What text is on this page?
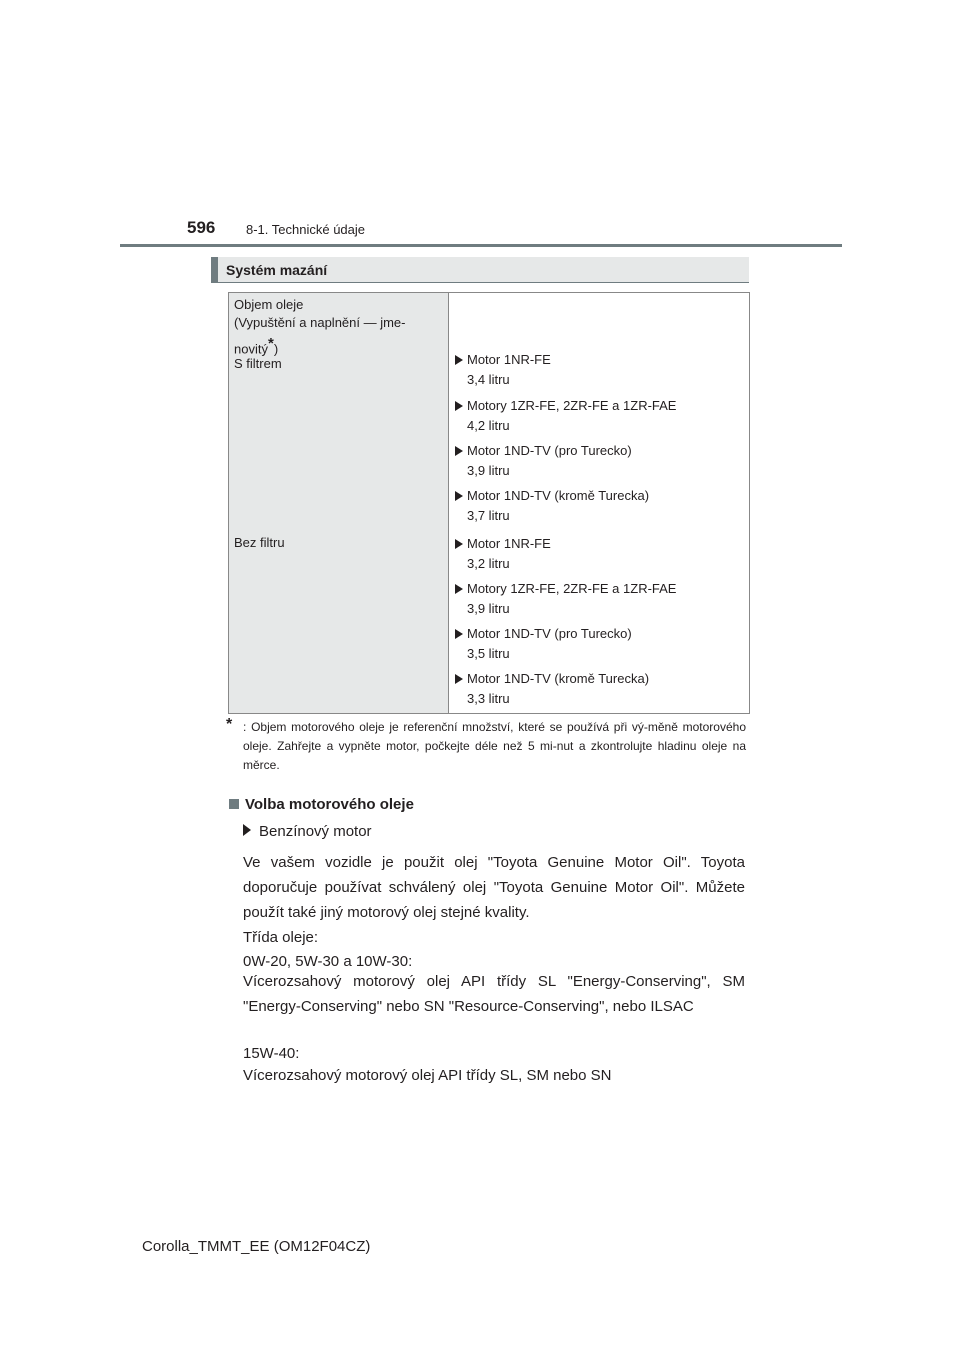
596 8-1. Technické údaje
Systém mazání
Objem oleje
(Vypuštění a naplnění — jme-
novitý*)
S filtrem
Bez filtru
Motor 1NR-FE
3,4 litru
Motory 1ZR-FE, 2ZR-FE a 1ZR-FAE
4,2 litru
Motor 1ND-TV (pro Turecko)
3,9 litru
Motor 1ND-TV (kromě Turecka)
3,7 litru
Motor 1NR-FE
3,2 litru
Motory 1ZR-FE, 2ZR-FE a 1ZR-FAE
3,9 litru
Motor 1ND-TV (pro Turecko)
3,5 litru
Motor 1ND-TV (kromě Turecka)
3,3 litru
* : Objem motorového oleje je referenční množství, které se používá při vý-měně motorového oleje. Zahřejte a vypněte motor, počkejte déle než 5 mi-nut a zkontrolujte hladinu oleje na měrce.
Volba motorového oleje
Benzínový motor
Ve vašem vozidle je použit olej "Toyota Genuine Motor Oil". Toyota doporučuje používat schválený olej "Toyota Genuine Motor Oil". Můžete použít také jiný motorový olej stejné kvality.
Třída oleje:
0W-20, 5W-30 a 10W-30:
Vícerozsahový motorový olej API třídy SL "Energy-Conserving", SM "Energy-Conserving" nebo SN "Resource-Conserving", nebo ILSAC
15W-40:
Vícerozsahový motorový olej API třídy SL, SM nebo SN
Corolla_TMMT_EE (OM12F04CZ)
